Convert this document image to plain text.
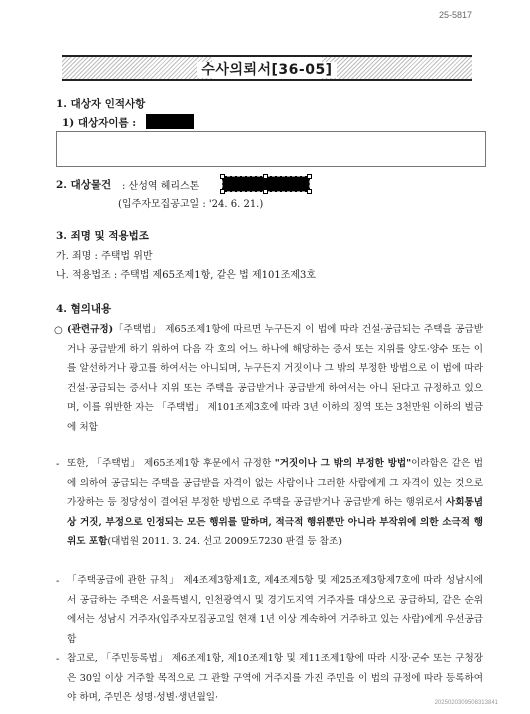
25-5817
수사의뢰서[36-05]
1. 대상자 인적사항
1) 대상자이름 :
2. 대상물건 : 산성역 헤리스톤
(입주자모집공고일 : '24. 6. 21.)
3. 죄명 및 적용법조
가. 죄명 : 주택법 위반
나. 적용법조 : 주택법 제65조제1항, 같은 법 제101조제3호
4. 혐의내용
○ (관련규정)「주택법」 제65조제1항에 따르면 누구든지 이 법에 따라 건설·공급되는 주택을 공급받거나 공급받게 하기 위하여 다음 각 호의 어느 하나에 해당하는 증서 또는 지위를 양도·양수 또는 이를 알선하거나 광고를 하여서는 아니되며, 누구든지 거짓이나 그 밖의 부정한 방법으로 이 법에 따라 건설·공급되는 증서나 지위 또는 주택을 공급받거나 공급받게 하여서는 아니 된다고 규정하고 있으며, 이를 위반한 자는 「주택법」 제101조제3호에 따라 3년 이하의 징역 또는 3천만원 이하의 벌금에 처함
- 또한, 「주택법」 제65조제1항 후문에서 규정한 "거짓이나 그 밖의 부정한 방법"이라함은 같은 법에 의하여 공급되는 주택을 공급받을 자격이 없는 사람이나 그러한 사람에게 그 자격이 있는 것으로 가장하는 등 정당성이 결여된 부정한 방법으로 주택을 공급받거나 공급받게 하는 행위로서 사회통념상 거짓, 부정으로 인정되는 모든 행위를 말하며, 적극적 행위뿐만 아니라 부작위에 의한 소극적 행위도 포함(대법원 2011. 3. 24. 선고 2009도7230 판결 등 참조)
- 「주택공급에 관한 규칙」 제4조제3항제1호, 제4조제5항 및 제25조제3항제7호에 따라 성남시에서 공급하는 주택은 서울특별시, 인천광역시 및 경기도지역 거주자를 대상으로 공급하되, 같은 순위에서는 성남시 거주자(입주자모집공고일 현재 1년 이상 계속하여 거주하고 있는 사람)에게 우선공급 함
- 참고로, 「주민등록법」 제6조제1항, 제10조제1항 및 제11조제1항에 따라 시장·군수 또는 구청장은 30일 이상 거주할 목적으로 그 관할 구역에 거주지를 가진 주민을 이 법의 규정에 따라 등록하여야 하며, 주민은 성명·성별·생년월일·	2025020309508313841
